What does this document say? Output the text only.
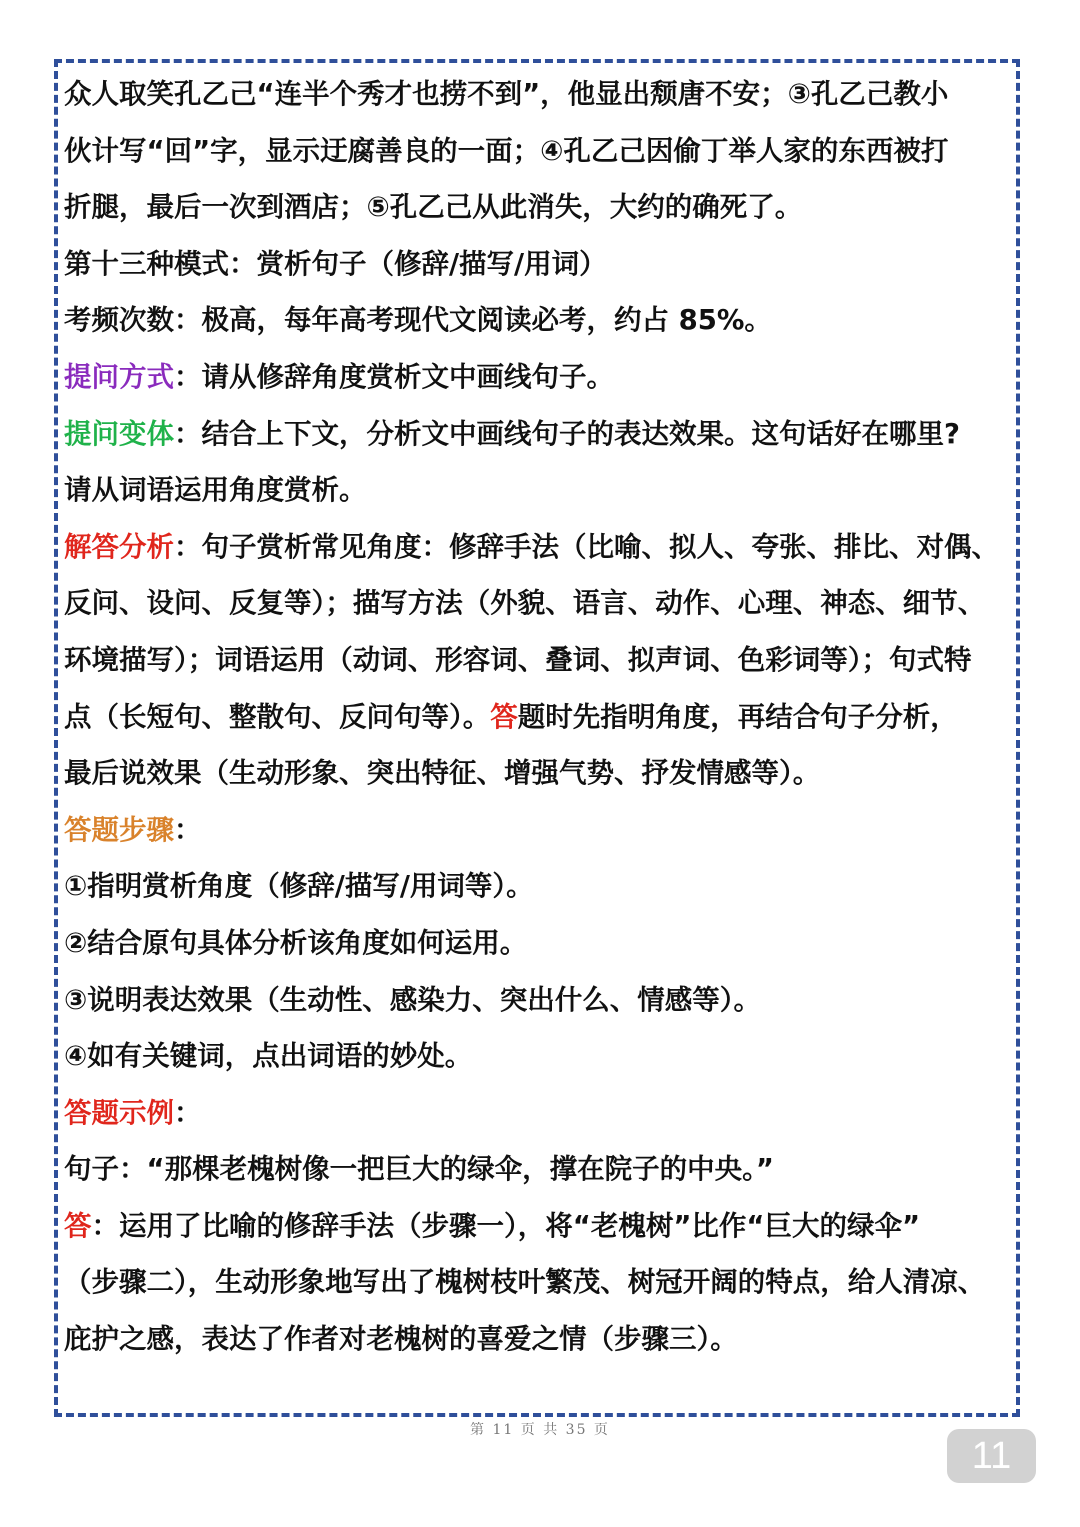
众人取笑孔乙己“连半个秀才也捞不到”，他显出颓唐不安；③孔乙己教小
伙计写“回”字，显示迂腐善良的一面；④孔乙己因偷丁举人家的东西被打
折腿，最后一次到酒店；⑤孔乙己从此消失，大约的确死了。
第十三种模式：赏析句子（修辞/描写/用词）
考频次数：极高，每年高考现代文阅读必考，约占 85%。
提问方式：请从修辞角度赏析文中画线句子。
提问变体：结合上下文，分析文中画线句子的表达效果。这句话好在哪里?
请从词语运用角度赏析。
解答分析：句子赏析常见角度：修辞手法（比喻、拟人、夸张、排比、对偶、
反问、设问、反复等）；描写方法（外貌、语言、动作、心理、神态、细节、
环境描写）；词语运用（动词、形容词、叠词、拟声词、色彩词等）；句式特
点（长短句、整散句、反问句等）。答题时先指明角度，再结合句子分析，
最后说效果（生动形象、突出特征、增强气势、抒发情感等）。
答题步骤：
①指明赏析角度（修辞/描写/用词等）。
②结合原句具体分析该角度如何运用。
③说明表达效果（生动性、感染力、突出什么、情感等）。
④如有关键词，点出词语的妙处。
答题示例：
句子：“那棵老槐树像一把巨大的绿伞，撑在院子的中央。”
答：运用了比喻的修辞手法（步骤一），将“老槐树”比作“巨大的绿伞”
（步骤二），生动形象地写出了槐树枝叶繁茂、树冠开阔的特点，给人清凉、
庇护之感，表达了作者对老槐树的喜爱之情（步骤三）。
第 11 页 共 35 页
11
